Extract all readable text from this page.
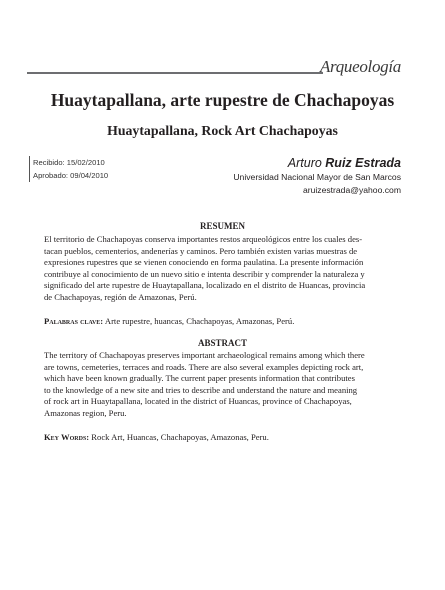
Arqueología
Huaytapallana, arte rupestre de Chachapoyas
Huaytapallana, Rock Art Chachapoyas
Recibido: 15/02/2010
Aprobado: 09/04/2010
Arturo Ruiz Estrada
Universidad Nacional Mayor de San Marcos
aruizestrada@yahoo.com
RESUMEN
El territorio de Chachapoyas conserva importantes restos arqueológicos entre los cuales des-
tacan pueblos, cementerios, andenerías y caminos. Pero también existen varias muestras de
expresiones rupestres que se vienen conociendo en forma paulatina. La presente información
contribuye al conocimiento de un nuevo sitio e intenta describir y comprender la naturaleza y
significado del arte rupestre de Huaytapallana, localizado en el distrito de Huancas, provincia
de Chachapoyas, región de Amazonas, Perú.
Palabras clave: Arte rupestre, huancas, Chachapoyas, Amazonas, Perú.
ABSTRACT
The territory of Chachapoyas preserves important archaeological remains among which there
are towns, cemeteries, terraces and roads. There are also several examples depicting rock art,
which have been known gradually. The current paper presents information that contributes
to the knowledge of a new site and tries to describe and understand the nature and meaning
of rock art in Huaytapallana, located in the district of Huancas, province of Chachapoyas,
Amazonas region, Peru.
Key Words: Rock Art, Huancas, Chachapoyas, Amazonas, Peru.
